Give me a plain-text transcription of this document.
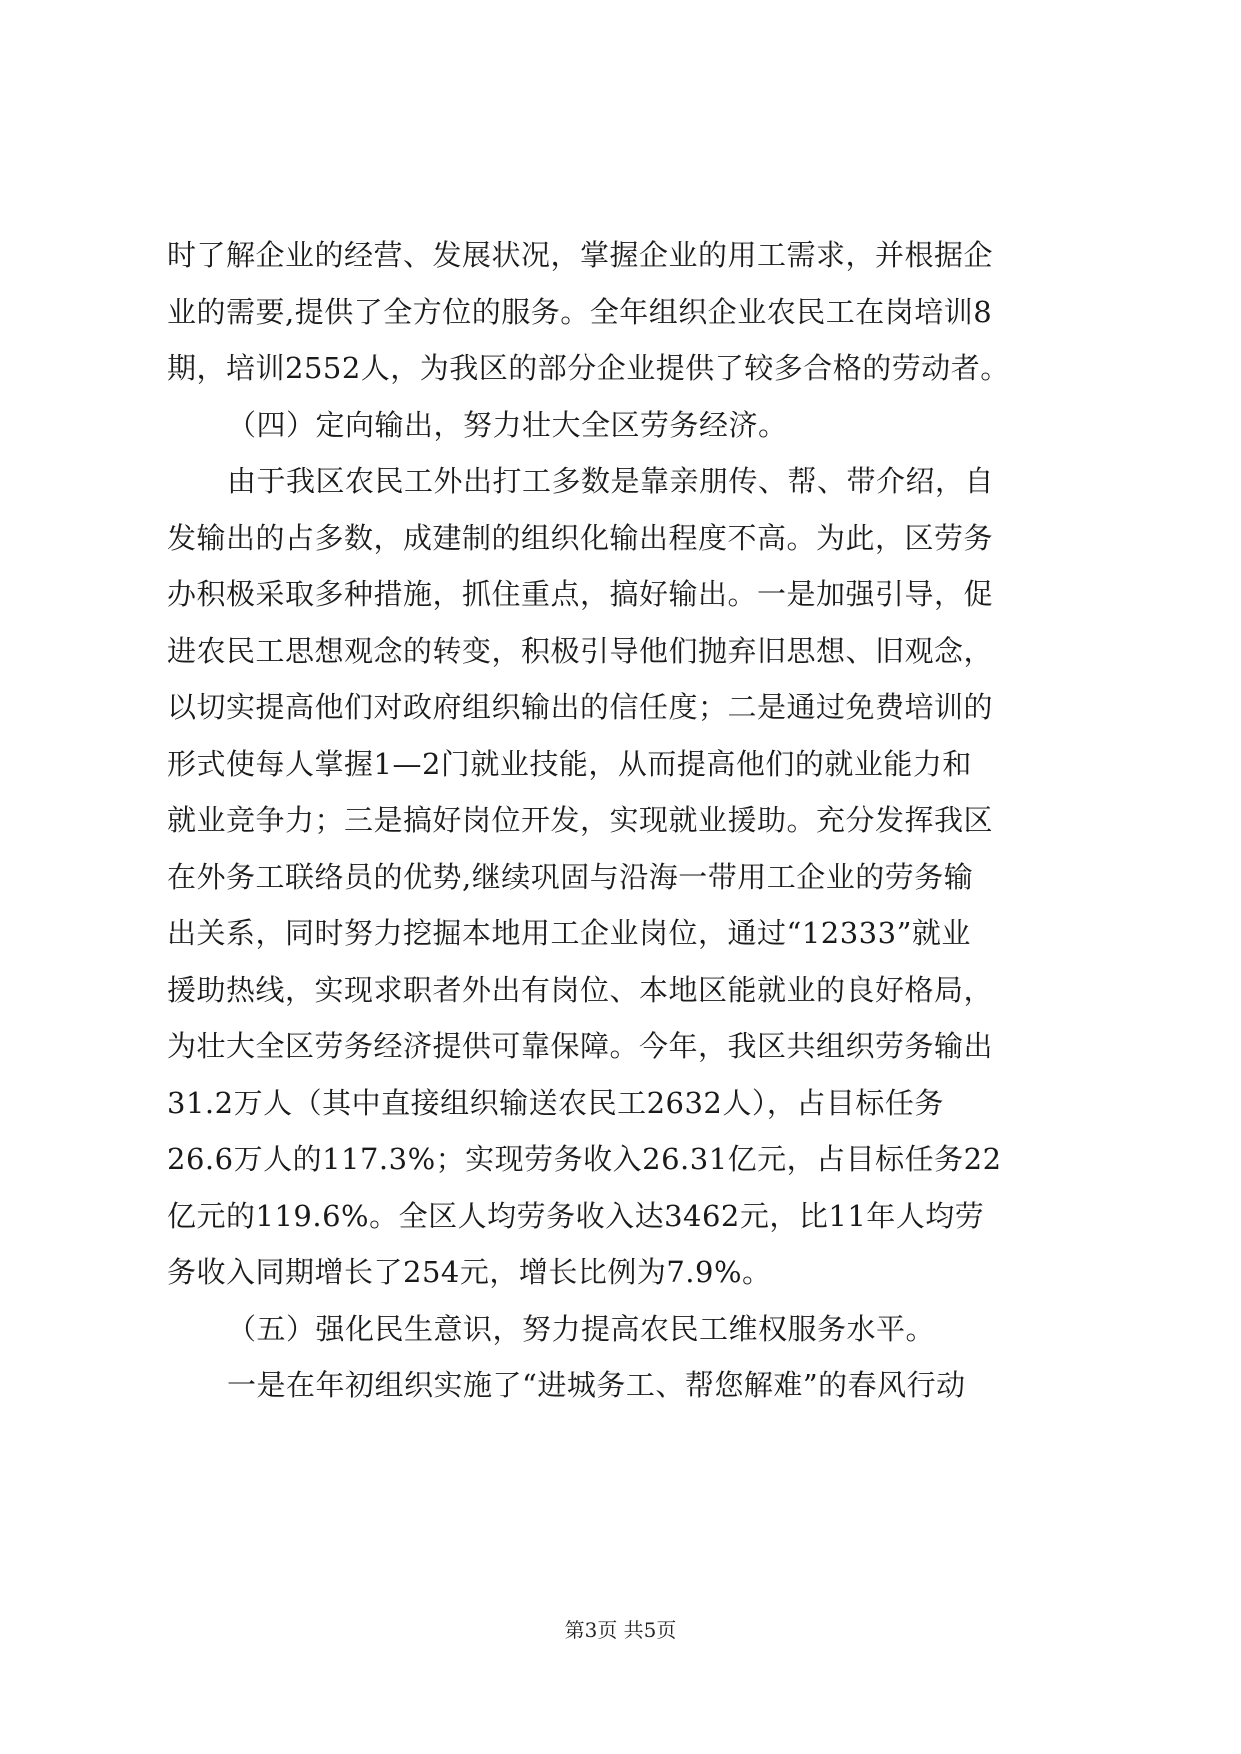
时了解企业的经营、发展状况，掌握企业的用工需求，并根据企
业的需要,提供了全方位的服务。全年组织企业农民工在岗培训8
期，培训2552人，为我区的部分企业提供了较多合格的劳动者。
（四）定向输出，努力壮大全区劳务经济。
由于我区农民工外出打工多数是靠亲朋传、帮、带介绍，自
发输出的占多数，成建制的组织化输出程度不高。为此，区劳务
办积极采取多种措施，抓住重点，搞好输出。一是加强引导，促
进农民工思想观念的转变，积极引导他们抛弃旧思想、旧观念，
以切实提高他们对政府组织输出的信任度；二是通过免费培训的
形式使每人掌握1—2门就业技能，从而提高他们的就业能力和
就业竞争力；三是搞好岗位开发，实现就业援助。充分发挥我区
在外务工联络员的优势,继续巩固与沿海一带用工企业的劳务输
出关系，同时努力挖掘本地用工企业岗位，通过“12333”就业
援助热线，实现求职者外出有岗位、本地区能就业的良好格局，
为壮大全区劳务经济提供可靠保障。今年，我区共组织劳务输出
31.2万人（其中直接组织输送农民工2632人），占目标任务
26.6万人的117.3%；实现劳务收入26.31亿元，占目标任务22
亿元的119.6%。全区人均劳务收入达3462元，比11年人均劳
务收入同期增长了254元，增长比例为7.9%。
（五）强化民生意识，努力提高农民工维权服务水平。
一是在年初组织实施了“进城务工、帮您解难”的春风行动
第3页 共5页
